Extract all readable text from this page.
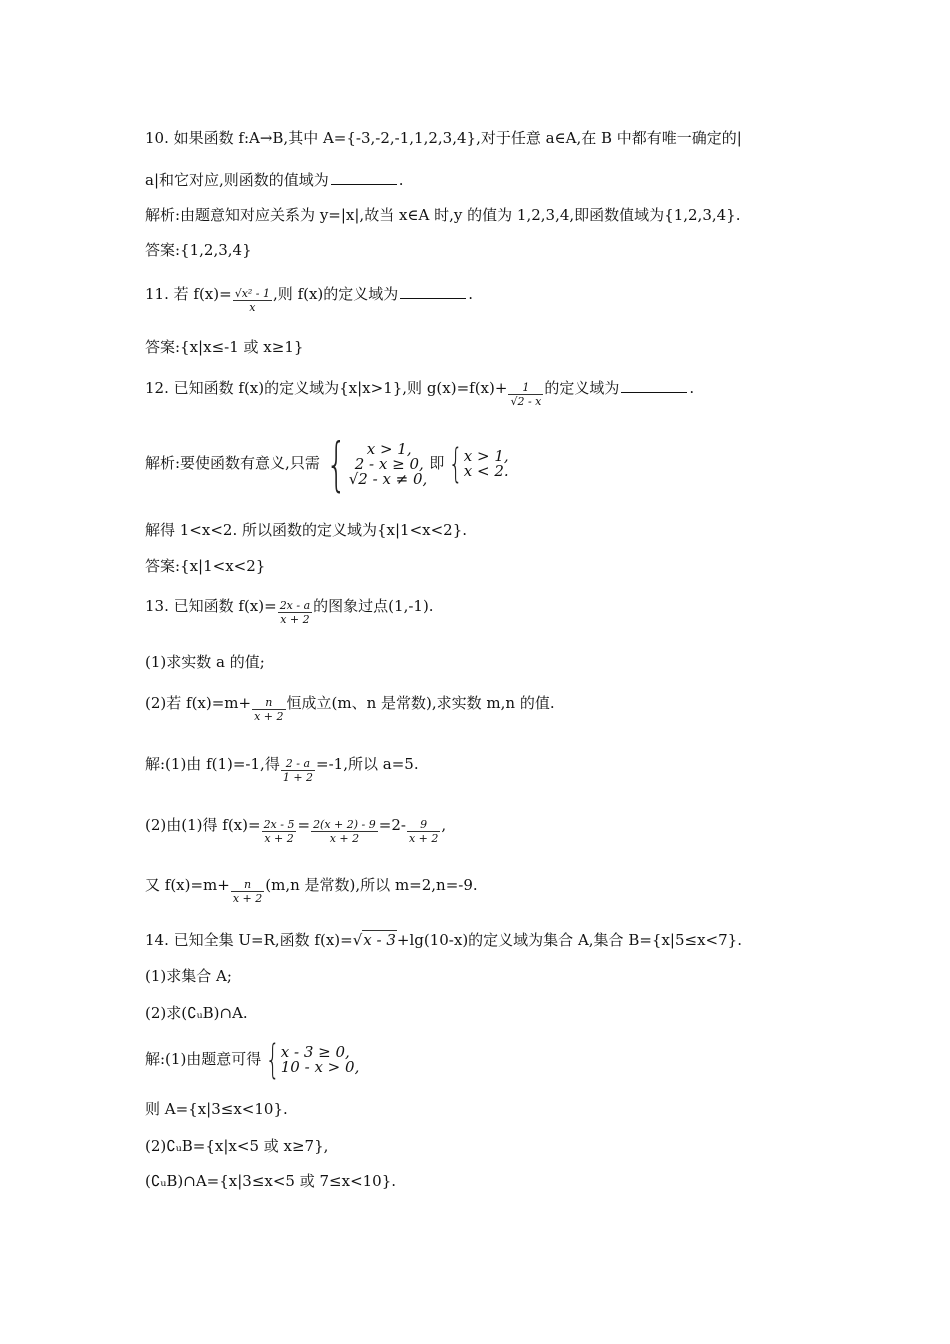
10. 如果函数 f:A→B,其中 A={-3,-2,-1,1,2,3,4},对于任意 a∈A,在 B 中都有唯一确定的|
a|和它对应,则函数的值域为	.
解析:由题意知对应关系为 y=|x|,故当 x∈A 时,y 的值为 1,2,3,4,即函数值域为{1,2,3,4}.
答案:{1,2,3,4}
11. 若 $f(x)= \frac{\text{√x² - 1}}{x}$ ,则 f(x)的定义域为	.
答案:{x|x≤-1 或 x≥1}
12. 已知函数 f(x)的定义域为{x|x>1},则 $g(x)=f(x)+ \frac{1}{√2 - x}$ 的定义域为	.
解析:要使函数有意义,只需 {	x > 1,
2 - x ≥ 0,
√2 - x ≠ 0,
即 { x > 1,
x < 2.
解得 1<x<2. 所以函数的定义域为{x|1<x<2}.
答案:{x|1<x<2}
13. 已知函数 $f(x)= \frac{2x - a}{x + 2}$ 的图象过点(1,-1).
(1)求实数 a 的值;
(2)若 $f(x)=m+ \frac{n}{x + 2}$ 恒成立(m、n 是常数),求实数 m,n 的值.
解:(1)由 f(1)=-1,得 $\frac{2 - a}{1 + 2} =-1$,所以 a=5.
(2)由(1)得 $f(x)= \frac{2x - 5}{x + 2} = \frac{2(x + 2) - 9}{x + 2} =2- \frac{9}{x + 2}$ ,
又 $f(x)=m+ \frac{n}{x + 2} (m,n$ 是常数),所以 m=2,n=-9.
14. 已知全集 U=R,函数 f(x)=√x - 3+lg(10-x)的定义域为集合 A,集合 B={x|5≤x<7}.
(1)求集合 A;
(2)求(∁ᵤB)∩A.
解:(1)由题意可得 { x - 3 ≥ 0,
10 - x > 0,
则 A={x|3≤x<10}.
(2)∁ᵤB={x|x<5 或 x≥7},
(∁ᵤB)∩A={x|3≤x<5 或 7≤x<10}.
